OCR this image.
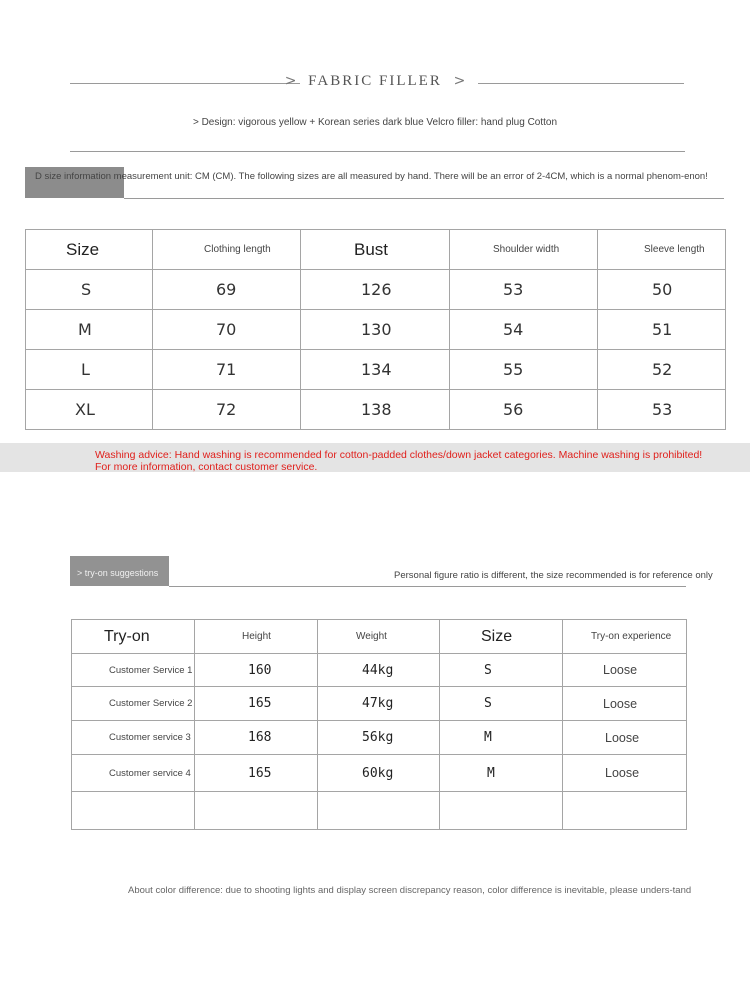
> FABRIC FILLER >
> Design: vigorous yellow + Korean series dark blue Velcro filler: hand plug Cotton
D size information measurement unit: CM (CM). The following sizes are all measured by hand. There will be an error of 2-4CM, which is a normal phenom-enon!
Size	Clothing length	Bust	Shoulder width	Sleeve length
S	69	126	53	50
M	70	130	54	51
L	71	134	55	52
XL	72	138	56	53
Washing advice: Hand washing is recommended for cotton-padded clothes/down jacket categories. Machine washing is prohibited!
For more information, contact customer service.
> try-on suggestions	Personal figure ratio is different, the size recommended is for reference only
Try-on	Height	Weight	Size	Try-on experience
Customer Service 1	160	44kg	S	Loose
Customer Service 2	165	47kg	S	Loose
Customer service 3	168	56kg	M	Loose
Customer service 4	165	60kg	M	Loose

About color difference: due to shooting lights and display screen discrepancy reason, color difference is inevitable, please unders-tand
